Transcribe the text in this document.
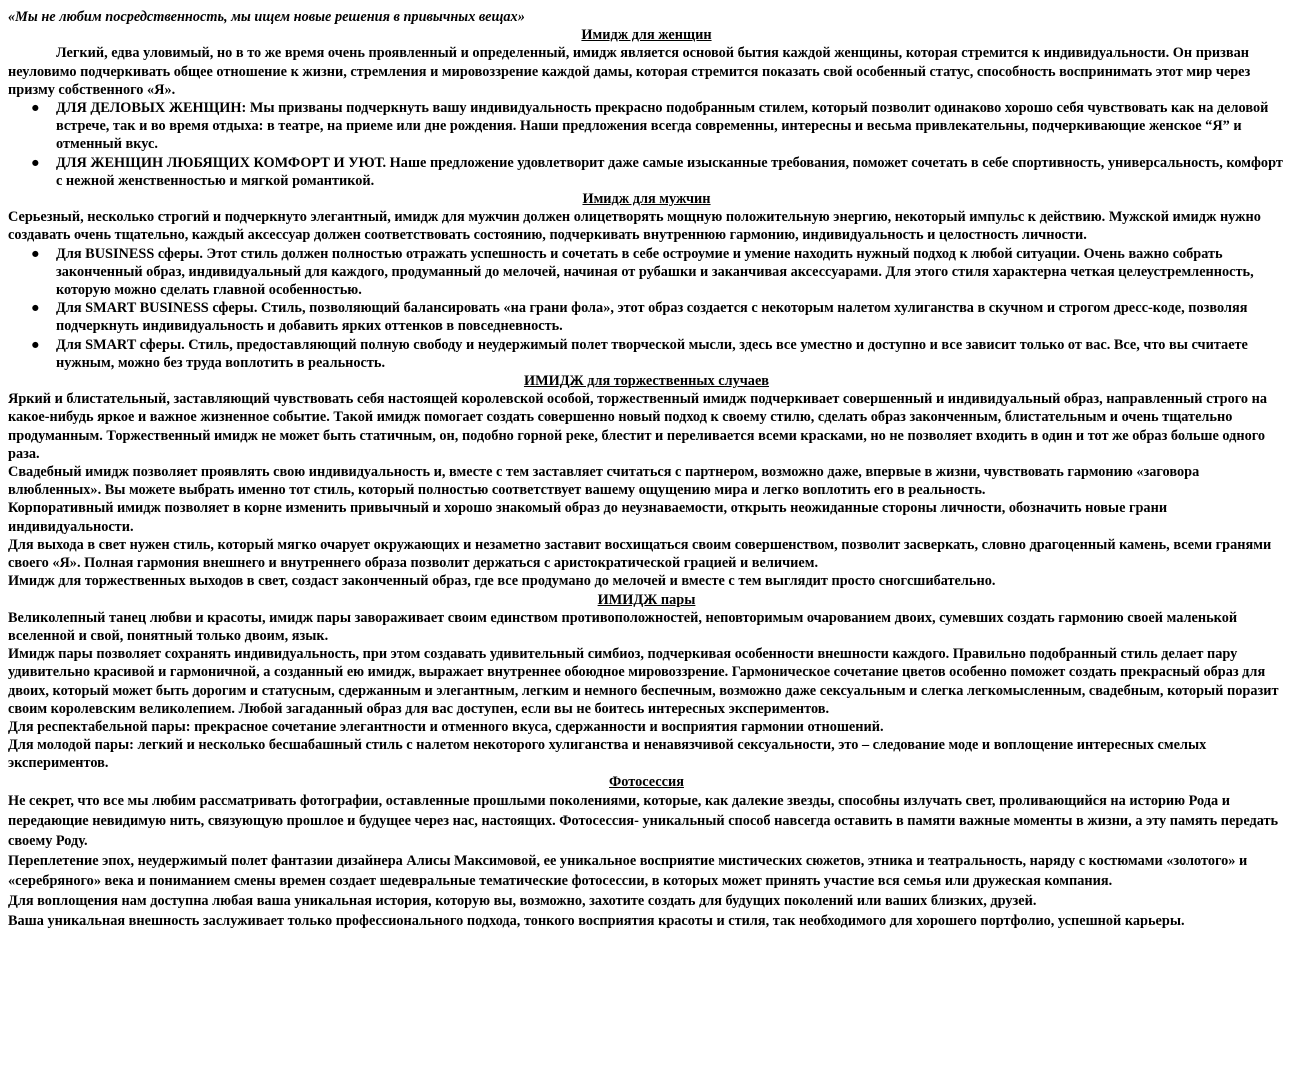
«Мы не любим посредственность, мы ищем новые решения в привычных вещах»

Имидж для женщин

Легкий, едва уловимый, но в то же время очень проявленный и определенный, имидж является основой бытия каждой женщины, которая стремится к индивидуальности. Он призван неуловимо подчеркивать общее отношение к жизни, стремления и мировоззрение каждой дамы, которая стремится показать свой особенный статус, способность воспринимать этот мир через призму собственного «Я».

● ДЛЯ ДЕЛОВЫХ ЖЕНЩИН: Мы призваны подчеркнуть вашу индивидуальность прекрасно подобранным стилем, который позволит одинаково хорошо себя чувствовать как на деловой встрече, так и во время отдыха: в театре, на приеме или дне рождения. Наши предложения всегда современны, интересны и весьма привлекательны, подчеркивающие женское “Я” и отменный вкус.
● ДЛЯ ЖЕНЩИН ЛЮБЯЩИХ КОМФОРТ И УЮТ. Наше предложение удовлетворит даже самые изысканные требования, поможет сочетать в себе спортивность, универсальность, комфорт с нежной женственностью и мягкой романтикой.

Имидж для мужчин

Серьезный, несколько строгий и подчеркнуто элегантный, имидж для мужчин должен олицетворять мощную положительную энергию, некоторый импульс к действию. Мужской имидж нужно создавать очень тщательно, каждый аксессуар должен соответствовать состоянию, подчеркивать внутреннюю гармонию, индивидуальность и целостность личности.

● Для BUSINESS сферы. Этот стиль должен полностью отражать успешность и сочетать в себе остроумие и умение находить нужный подход к любой ситуации. Очень важно собрать законченный образ, индивидуальный для каждого, продуманный до мелочей, начиная от рубашки и заканчивая аксессуарами. Для этого стиля характерна четкая целеустремленность, которую можно сделать главной особенностью.
● Для SMART BUSINESS сферы. Стиль, позволяющий балансировать «на грани фола», этот образ создается с некоторым налетом хулиганства в скучном и строгом дресс-коде, позволяя подчеркнуть индивидуальность и добавить ярких оттенков в повседневность.
● Для SMART сферы. Стиль, предоставляющий полную свободу и неудержимый полет творческой мысли, здесь все уместно и доступно и все зависит только от вас. Все, что вы считаете нужным, можно без труда воплотить в реальность.

ИМИДЖ для торжественных случаев

Яркий и блистательный, заставляющий чувствовать себя настоящей королевской особой, торжественный имидж подчеркивает совершенный и индивидуальный образ, направленный строго на какое-нибудь яркое и важное жизненное событие. Такой имидж помогает создать совершенно новый подход к своему стилю, сделать образ законченным, блистательным и очень тщательно продуманным. Торжественный имидж не может быть статичным, он, подобно горной реке, блестит и переливается всеми красками, но не позволяет входить в один и тот же образ больше одного раза.

Свадебный имидж позволяет проявлять свою индивидуальность и, вместе с тем заставляет считаться с партнером, возможно даже, впервые в жизни, чувствовать гармонию «заговора влюбленных». Вы можете выбрать именно тот стиль, который полностью соответствует вашему ощущению мира и легко воплотить его в реальность.

Корпоративный имидж позволяет в корне изменить привычный и хорошо знакомый образ до неузнаваемости, открыть неожиданные стороны личности, обозначить новые грани индивидуальности.

Для выхода в свет нужен стиль, который мягко очарует окружающих и незаметно заставит восхищаться своим совершенством, позволит засверкать, словно драгоценный камень, всеми гранями своего «Я». Полная гармония внешнего и внутреннего образа позволит держаться с аристократической грацией и величием.

Имидж для торжественных выходов в свет, создаст законченный образ, где все продумано до мелочей и вместе с тем выглядит просто сногсшибательно.

ИМИДЖ пары

Великолепный танец любви и красоты, имидж пары завораживает своим единством противоположностей, неповторимым очарованием двоих, сумевших создать гармонию своей маленькой вселенной и свой, понятный только двоим, язык.

Имидж пары позволяет сохранять индивидуальность, при этом создавать удивительный симбиоз, подчеркивая особенности внешности каждого. Правильно подобранный стиль делает пару удивительно красивой и гармоничной, а созданный ею имидж, выражает внутреннее обоюдное мировоззрение. Гармоническое сочетание цветов особенно поможет создать прекрасный образ для двоих, который может быть дорогим и статусным, сдержанным и элегантным, легким и немного беспечным, возможно даже сексуальным и слегка легкомысленным, свадебным, который поразит своим королевским великолепием. Любой загаданный образ для вас доступен, если вы не боитесь интересных экспериментов.

Для респектабельной пары: прекрасное сочетание элегантности и отменного вкуса, сдержанности и восприятия гармонии отношений.

Для молодой пары: легкий и несколько бесшабашный стиль с налетом некоторого хулиганства и ненавязчивой сексуальности, это – следование моде и воплощение интересных смелых экспериментов.

Фотосессия

Не секрет, что все мы любим рассматривать фотографии, оставленные прошлыми поколениями, которые, как далекие звезды, способны излучать свет, проливающийся на историю Рода и передающие невидимую нить, связующую прошлое и будущее через нас, настоящих. Фотосессия- уникальный способ навсегда оставить в памяти важные моменты в жизни, а эту память передать своему Роду.

Переплетение эпох, неудержимый полет фантазии дизайнера Алисы Максимовой, ее уникальное восприятие мистических сюжетов, этника и театральность, наряду с костюмами «золотого» и «серебряного» века и пониманием смены времен создает шедевральные тематические фотосессии, в которых может принять участие вся семья или дружеская компания.

Для воплощения нам доступна любая ваша уникальная история, которую вы, возможно, захотите создать для будущих поколений или ваших близких, друзей.

Ваша уникальная внешность заслуживает только профессионального подхода, тонкого восприятия красоты и стиля, так необходимого для хорошего портфолио, успешной карьеры.
